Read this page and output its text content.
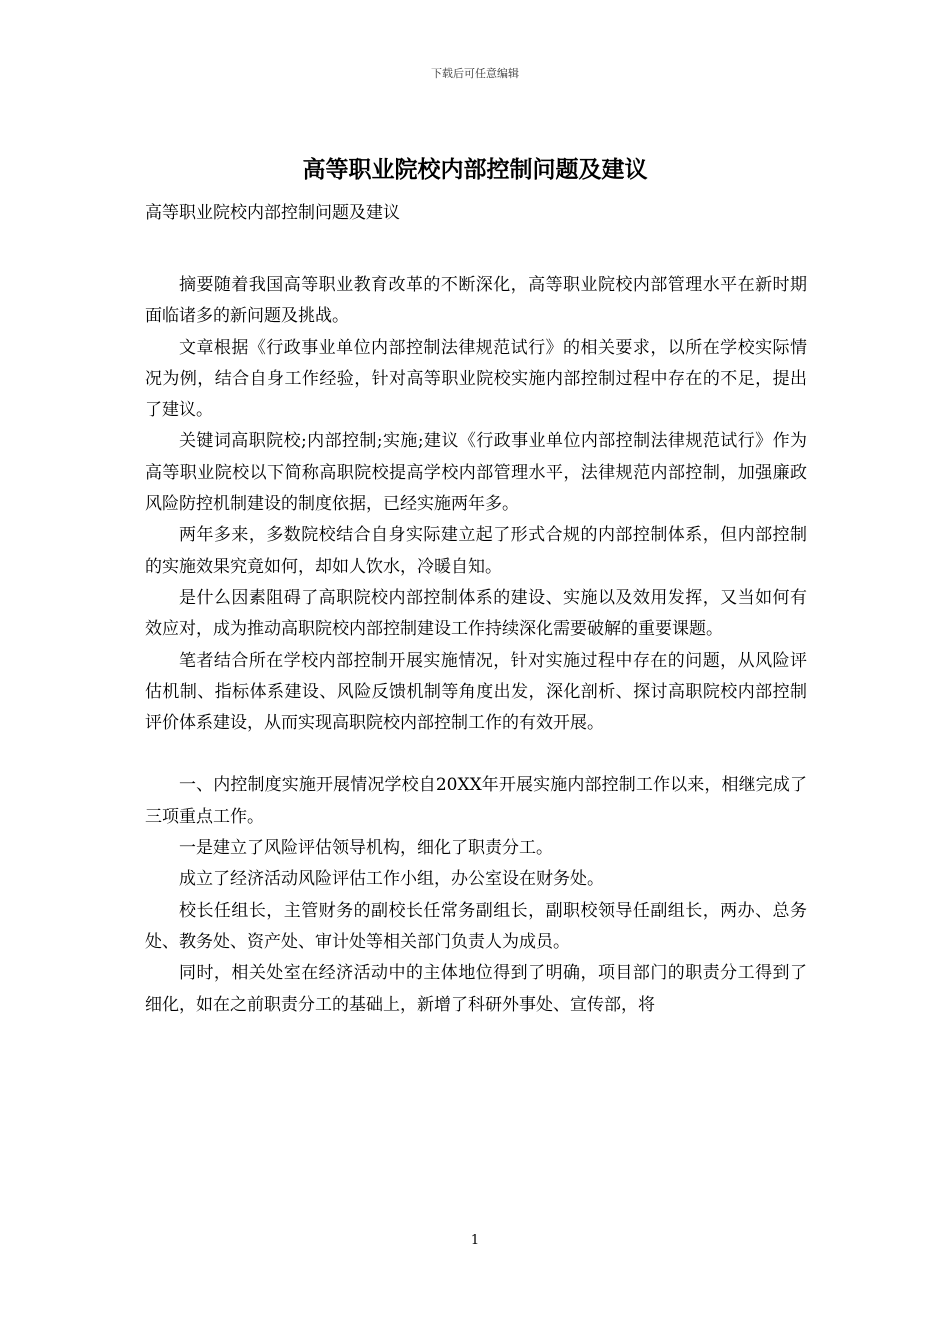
下载后可任意编辑
高等职业院校内部控制问题及建议

高等职业院校内部控制问题及建议

摘要随着我国高等职业教育改革的不断深化，高等职业院校内部管理水平在新时期面临诸多的新问题及挑战。

文章根据《行政事业单位内部控制法律规范试行》的相关要求，以所在学校实际情况为例，结合自身工作经验，针对高等职业院校实施内部控制过程中存在的不足，提出了建议。

关键词高职院校;内部控制;实施;建议《行政事业单位内部控制法律规范试行》作为高等职业院校以下简称高职院校提高学校内部管理水平，法律规范内部控制，加强廉政风险防控机制建设的制度依据，已经实施两年多。

两年多来，多数院校结合自身实际建立起了形式合规的内部控制体系，但内部控制的实施效果究竟如何，却如人饮水，冷暖自知。

是什么因素阻碍了高职院校内部控制体系的建设、实施以及效用发挥，又当如何有效应对，成为推动高职院校内部控制建设工作持续深化需要破解的重要课题。

笔者结合所在学校内部控制开展实施情况，针对实施过程中存在的问题，从风险评估机制、指标体系建设、风险反馈机制等角度出发，深化剖析、探讨高职院校内部控制评价体系建设，从而实现高职院校内部控制工作的有效开展。

一、内控制度实施开展情况学校自20XX年开展实施内部控制工作以来，相继完成了三项重点工作。

一是建立了风险评估领导机构，细化了职责分工。

成立了经济活动风险评估工作小组，办公室设在财务处。

校长任组长，主管财务的副校长任常务副组长，副职校领导任副组长，两办、总务处、教务处、资产处、审计处等相关部门负责人为成员。

同时，相关处室在经济活动中的主体地位得到了明确，项目部门的职责分工得到了细化，如在之前职责分工的基础上，新增了科研外事处、宣传部，将

1
